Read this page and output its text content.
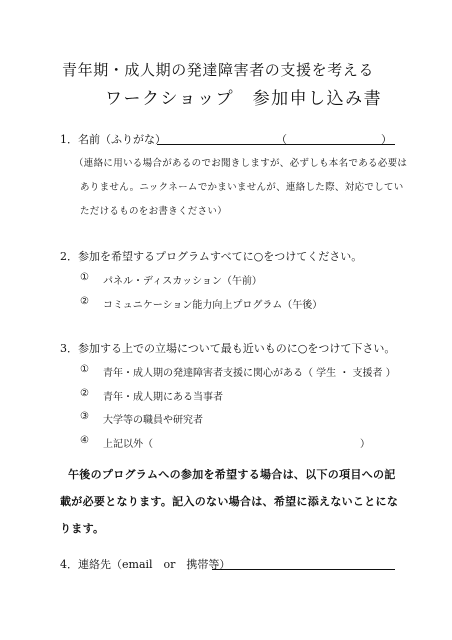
青年期・成人期の発達障害者の支援を考える
ワークショップ　参加申し込み書
1．名前（ふりがな）	（	）
（連絡に用いる場合があるのでお聞きしますが、必ずしも本名である必要は
ありません。ニックネームでかまいませんが、連絡した際、対応でしてい
ただけるものをお書きください）
2．参加を希望するプログラムすべてに○をつけてください。
① パネル・ディスカッション（午前）
② コミュニケーション能力向上プログラム（午後）
3．参加する上での立場について最も近いものに○をつけて下さい。
① 青年・成人期の発達障害者支援に関心がある（ 学生 ・ 支援者 ）
② 青年・成人期にある当事者
③ 大学等の職員や研究者
④ 上記以外（	）
午後のプログラムへの参加を希望する場合は、以下の項目への記
載が必要となります。記入のない場合は、希望に添えないことにな
ります。
4．連絡先（email　or　携帯等）
